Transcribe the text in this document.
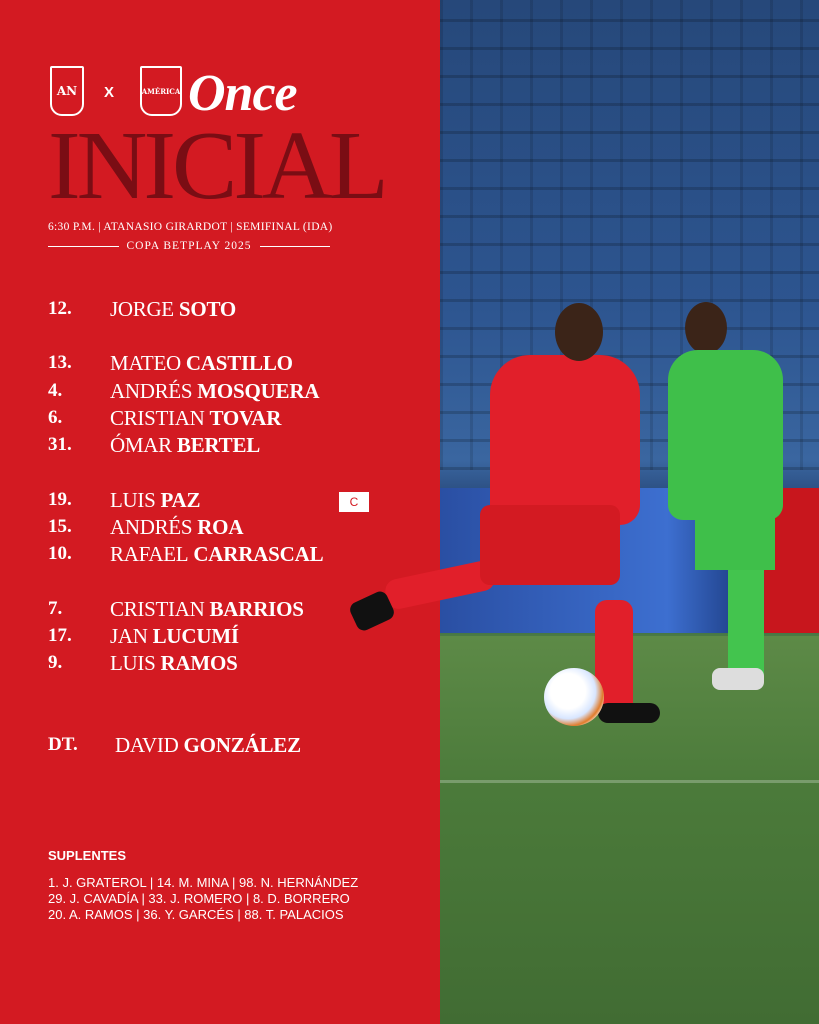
AN X	AMÉRICA Once
INICIAL
6:30 P.M. | ATANASIO GIRARDOT | SEMIFINAL (IDA)
COPA BETPLAY 2025
12.	JORGE SOTO
13.	MATEO CASTILLO
4.	ANDRÉS MOSQUERA
6.	CRISTIAN TOVAR
31.	ÓMAR BERTEL
19.	LUIS PAZ	C
15.	ANDRÉS ROA
10.	RAFAEL CARRASCAL
7.	CRISTIAN BARRIOS
17.	JAN LUCUMÍ
9.	LUIS RAMOS
DT.	DAVID GONZÁLEZ
SUPLENTES
1. J. GRATEROL | 14. M. MINA | 98. N. HERNÁNDEZ
29. J. CAVADÍA | 33. J. ROMERO | 8. D. BORRERO
20. A. RAMOS | 36. Y. GARCÉS | 88. T. PALACIOS
